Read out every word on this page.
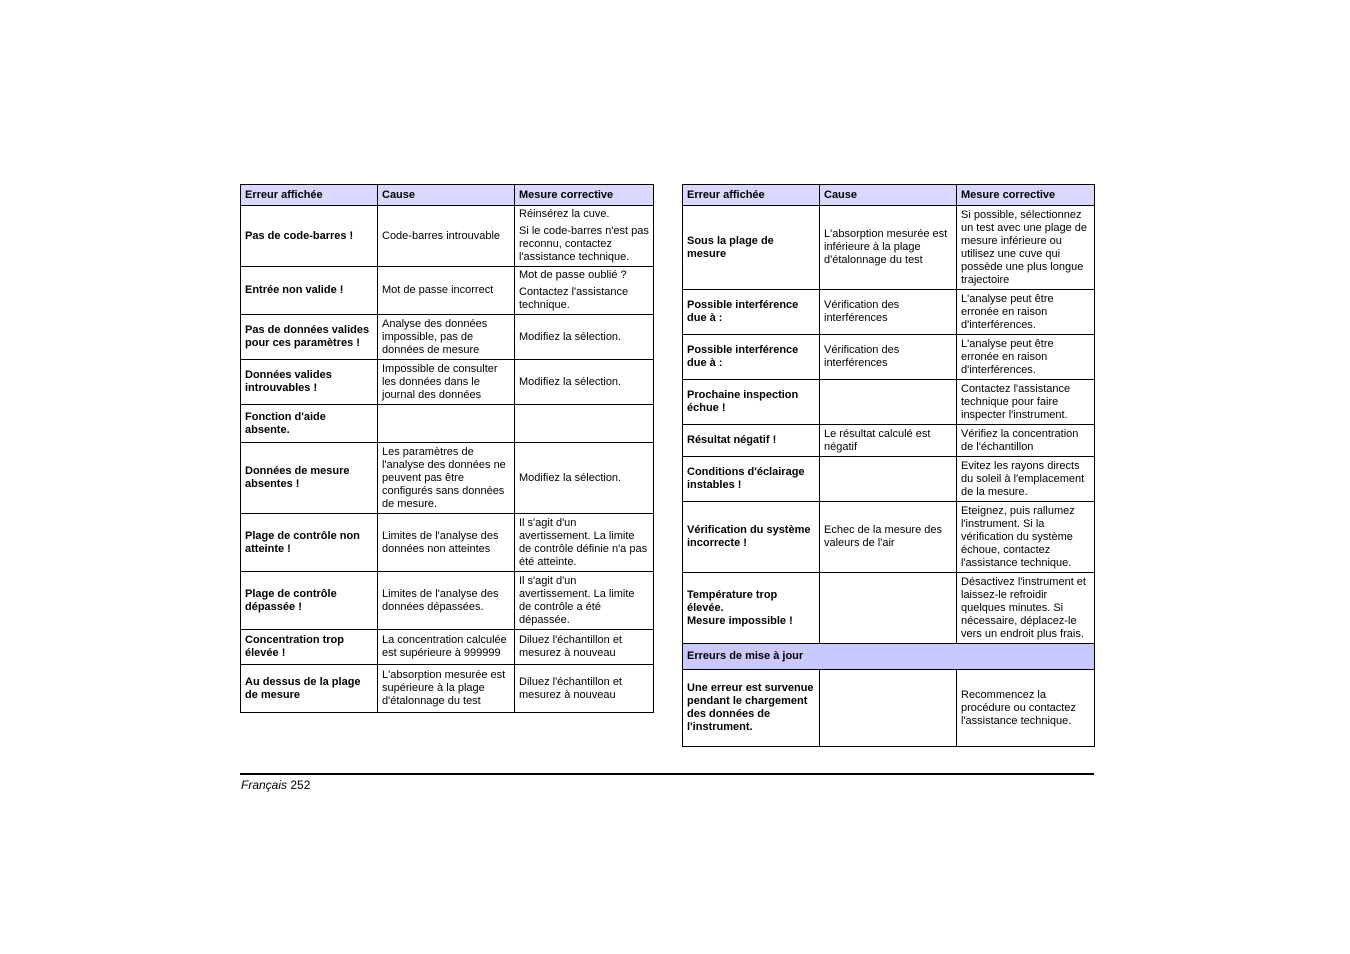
Erreur affichée	Cause	Mesure corrective
Pas de code-barres !	Code-barres introuvable	Réinsérez la cuve.
Si le code-barres n'est pas reconnu, contactez l'assistance technique.

Entrée non valide !	Mot de passe incorrect	Mot de passe oublié ?
Contactez l'assistance technique.

Pas de données valides pour ces paramètres !	Analyse des données impossible, pas de données de mesure	Modifiez la sélection.
Données valides introuvables !	Impossible de consulter les données dans le journal des données	Modifiez la sélection.
Fonction d'aide absente.		
Données de mesure absentes !	Les paramètres de l'analyse des données ne peuvent pas être configurés sans données de mesure.	Modifiez la sélection.
Plage de contrôle non atteinte !	Limites de l'analyse des données non atteintes	Il s'agit d'un avertissement. La limite de contrôle définie n'a pas été atteinte.
Plage de contrôle dépassée !	Limites de l'analyse des données dépassées.	Il s'agit d'un avertissement. La limite de contrôle a été dépassée.
Concentration trop élevée !	La concentration calculée est supérieure à 999999	Diluez l'échantillon et mesurez à nouveau
Au dessus de la plage de mesure	L'absorption mesurée est supérieure à la plage d'étalonnage du test	Diluez l'échantillon et mesurez à nouveau
Erreur affichée	Cause	Mesure corrective
Sous la plage de mesure	L'absorption mesurée est inférieure à la plage d'étalonnage du test	Si possible, sélectionnez un test avec une plage de mesure inférieure ou utilisez une cuve qui possède une plus longue trajectoire
Possible interférence due à :	Vérification des interférences	L'analyse peut être erronée en raison d'interférences.
Possible interférence due à :	Vérification des interférences	L'analyse peut être erronée en raison d'interférences.
Prochaine inspection échue !		Contactez l'assistance technique pour faire inspecter l'instrument.
Résultat négatif !	Le résultat calculé est négatif	Vérifiez la concentration de l'échantillon
Conditions d'éclairage instables !		Evitez les rayons directs du soleil à l'emplacement de la mesure.
Vérification du système incorrecte !	Echec de la mesure des valeurs de l'air	Eteignez, puis rallumez l'instrument. Si la vérification du système échoue, contactez l'assistance technique.
Température trop élevée.
Mesure impossible !		Désactivez l'instrument et laissez-le refroidir quelques minutes. Si nécessaire, déplacez-le vers un endroit plus frais.
Erreurs de mise à jour		
Une erreur est survenue pendant le chargement des données de l'instrument.		Recommencez la procédure ou contactez l'assistance technique.
Français 252
